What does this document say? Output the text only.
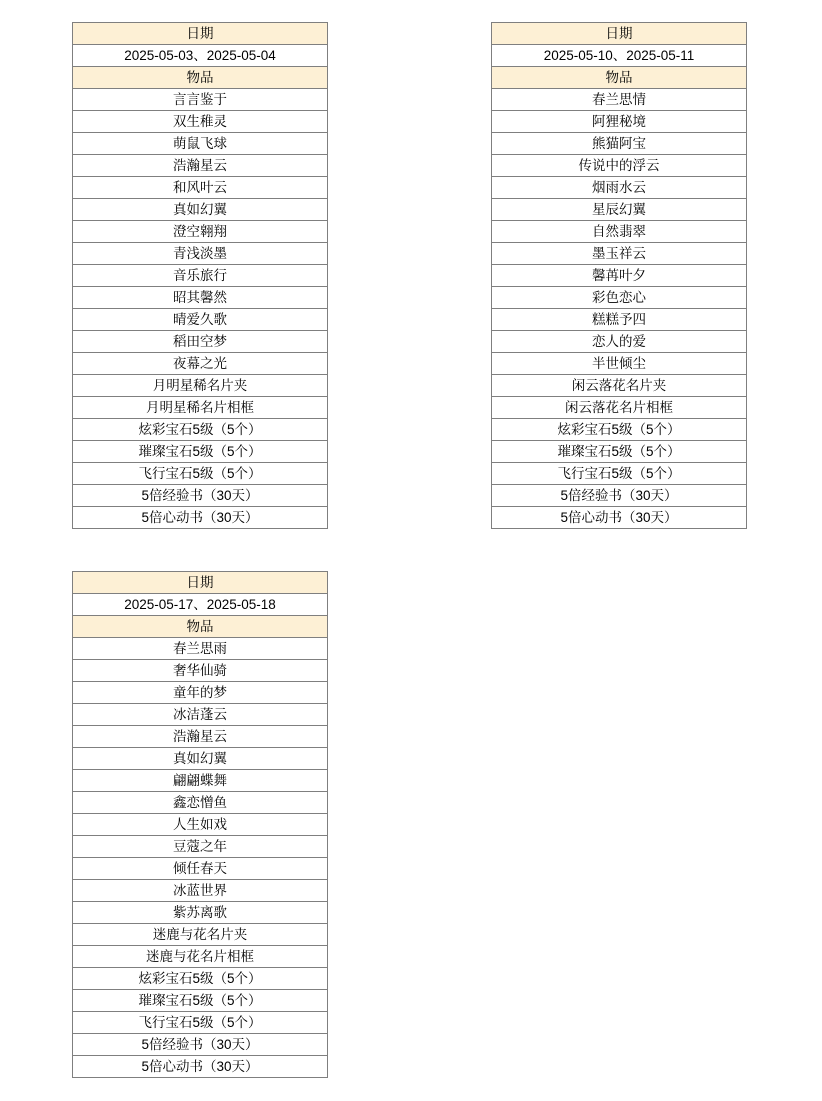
日期
2025-05-03、2025-05-04
物品
言言鉴于
双生稚灵
萌鼠飞球
浩瀚星云
和风叶云
真如幻翼
澄空翱翔
青浅淡墨
音乐旅行
昭其馨然
晴爱久歌
稻田空梦
夜幕之光
月明星稀名片夹
月明星稀名片相框
炫彩宝石5级（5个）
璀璨宝石5级（5个）
飞行宝石5级（5个）
5倍经验书（30天）
5倍心动书（30天）
日期
2025-05-10、2025-05-11
物品
春兰思情
阿狸秘境
熊猫阿宝
传说中的浮云
烟雨水云
星辰幻翼
自然翡翠
墨玉祥云
馨苒叶夕
彩色恋心
糕糕予四
恋人的爱
半世倾尘
闲云落花名片夹
闲云落花名片相框
炫彩宝石5级（5个）
璀璨宝石5级（5个）
飞行宝石5级（5个）
5倍经验书（30天）
5倍心动书（30天）
日期
2025-05-17、2025-05-18
物品
春兰思雨
奢华仙骑
童年的梦
冰洁蓬云
浩瀚星云
真如幻翼
翩翩蝶舞
鑫恋憎鱼
人生如戏
豆蔻之年
倾任春天
冰蓝世界
紫苏离歌
迷鹿与花名片夹
迷鹿与花名片相框
炫彩宝石5级（5个）
璀璨宝石5级（5个）
飞行宝石5级（5个）
5倍经验书（30天）
5倍心动书（30天）
